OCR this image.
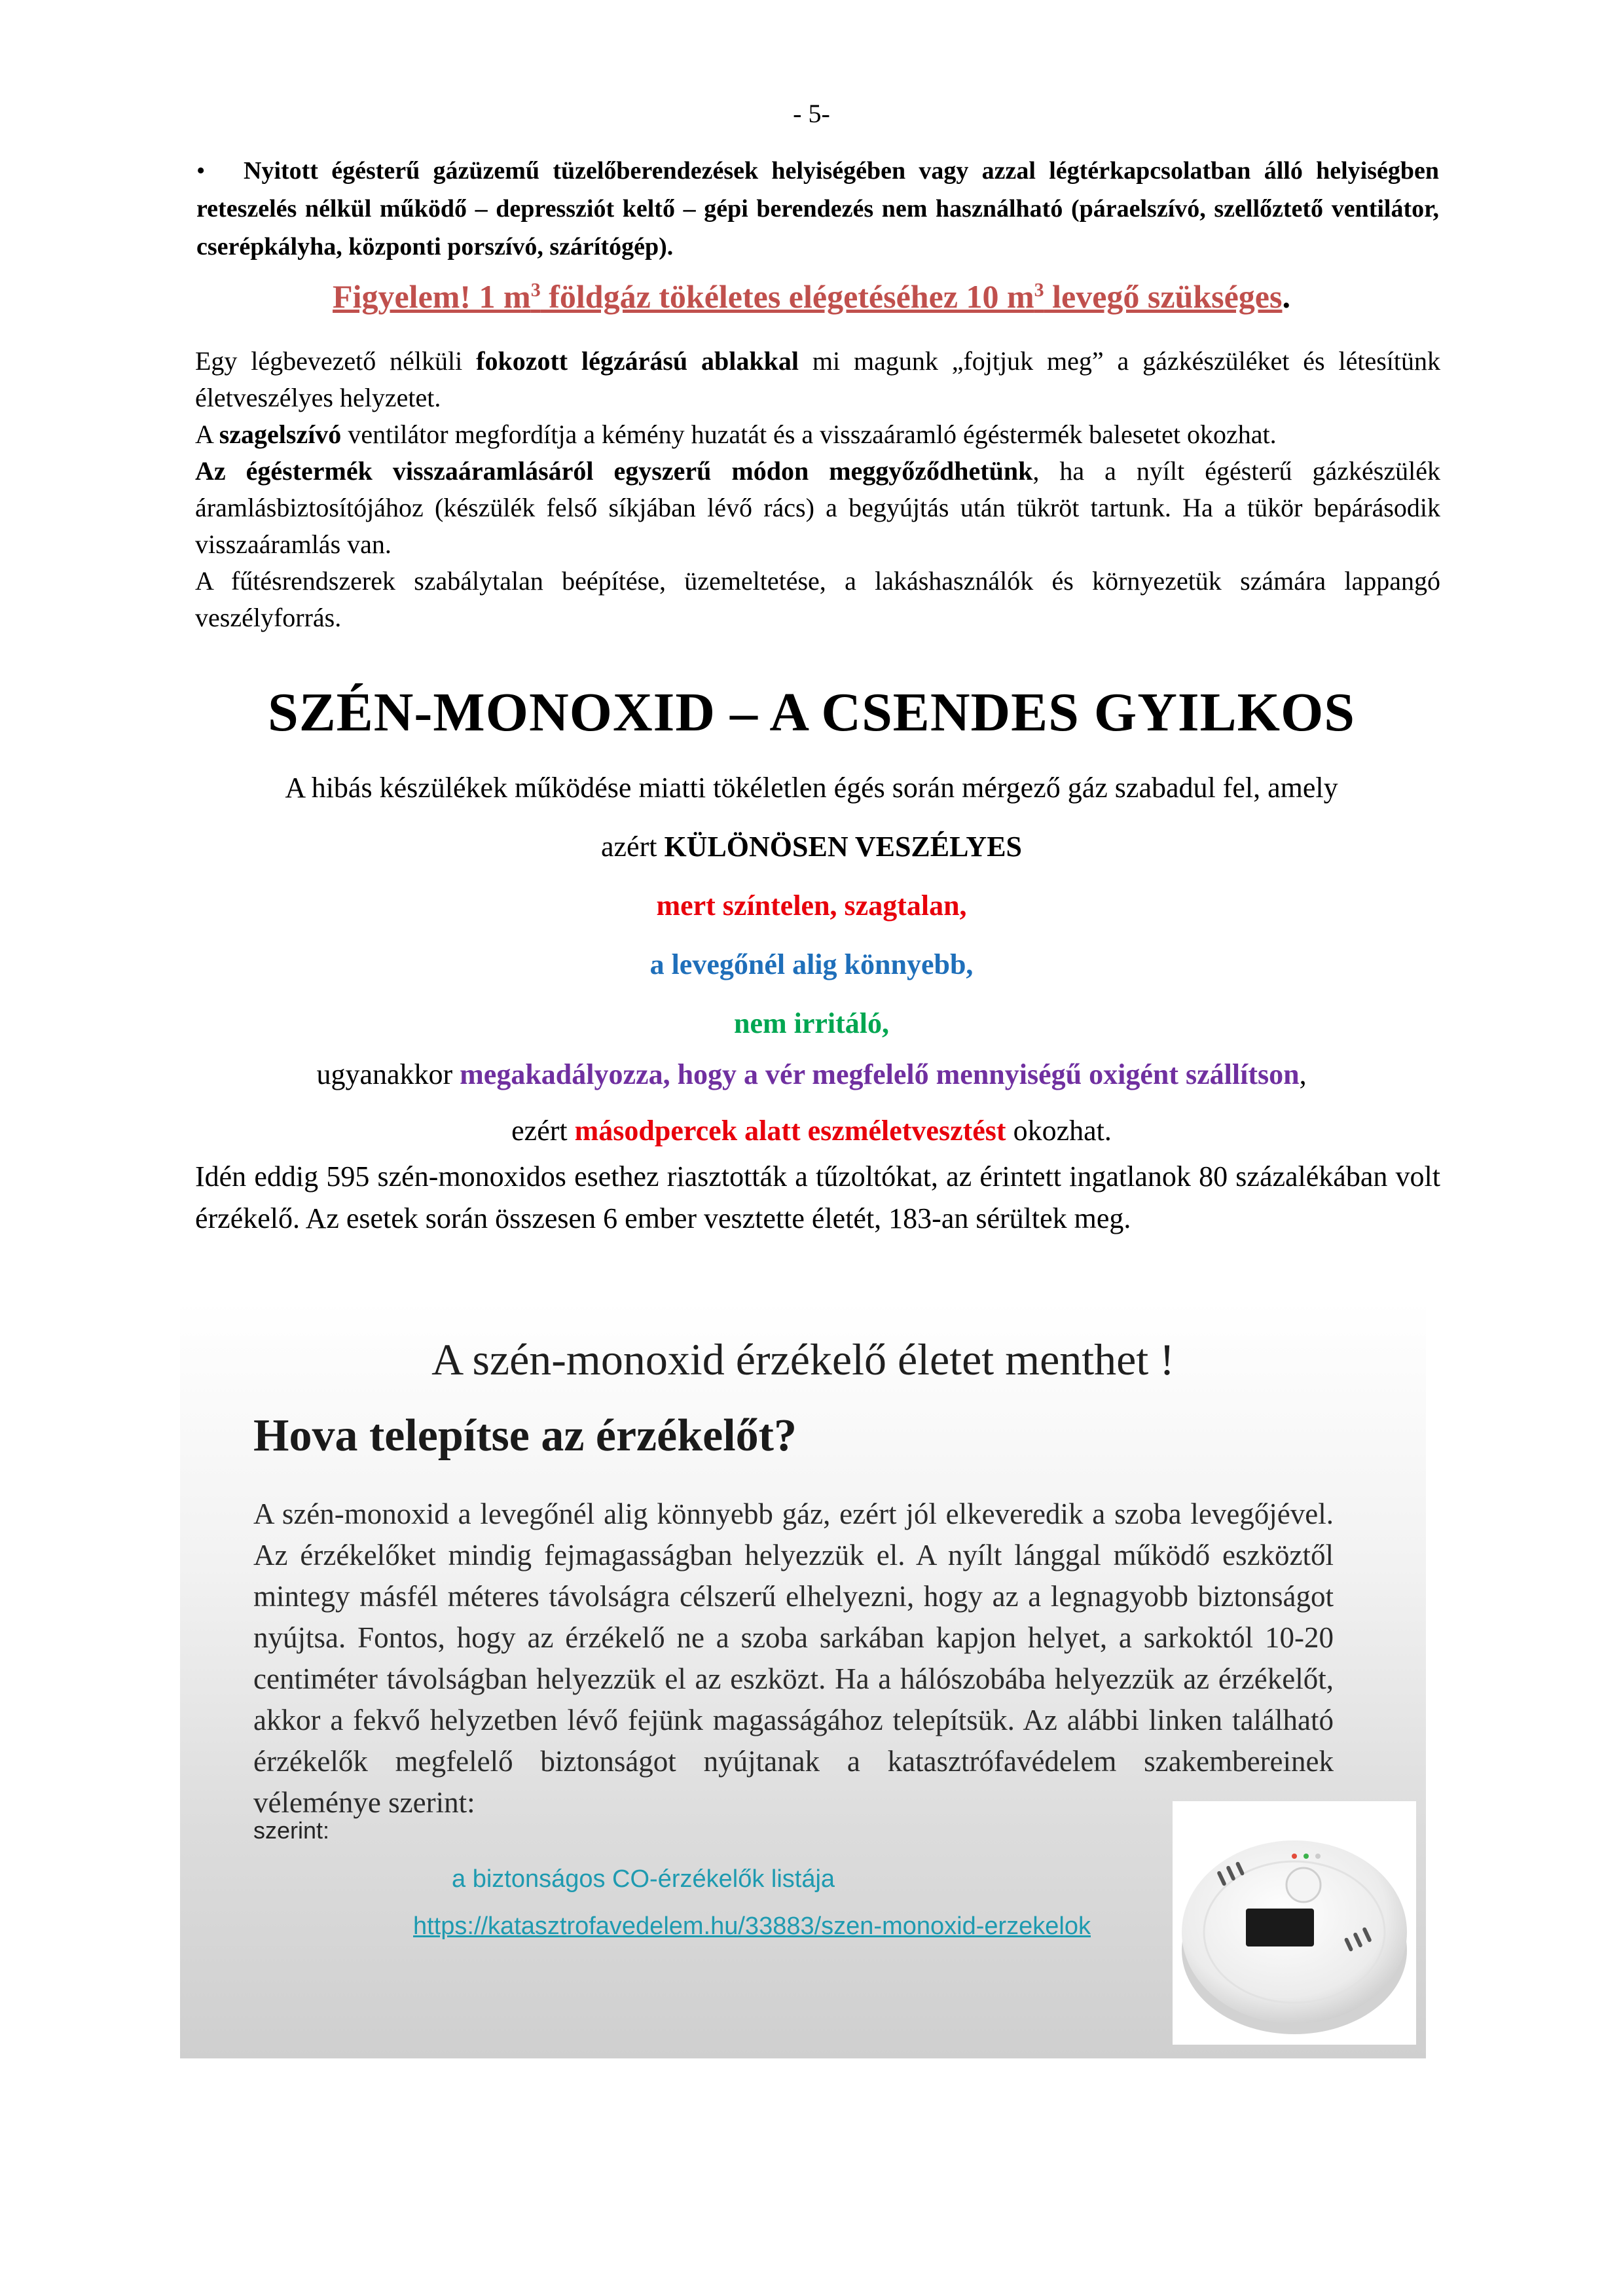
- 5-
•	Nyitott égésterű gázüzemű tüzelőberendezések helyiségében vagy azzal légtérkapcsolatban álló helyiségben reteszelés nélkül működő – depressziót keltő – gépi berendezés nem használható (páraelszívó, szellőztető ventilátor, cserépkályha, központi porszívó, szárítógép).
Figyelem! 1 $m^3$ földgáz tökéletes elégetéséhez 10 $m^3$ levegő szükséges.

Egy légbevezető nélküli fokozott légzárású ablakkal mi magunk „fojtjuk meg” a gázkészüléket és létesítünk életveszélyes helyzetet.

A szagelszívó ventilátor megfordítja a kémény huzatát és a visszaáramló égéstermék balesetet okozhat.

Az égéstermék visszaáramlásáról egyszerű módon meggyőződhetünk, ha a nyílt égésterű gázkészülék áramlásbiztosítójához (készülék felső síkjában lévő rács) a begyújtás után tükröt tartunk. Ha a tükör bepárásodik visszaáramlás van.

A fűtésrendszerek szabálytalan beépítése, üzemeltetése, a lakáshasználók és környezetük számára lappangó veszélyforrás.

SZÉN-MONOXID – A CSENDES GYILKOS
A hibás készülékek működése miatti tökéletlen égés során mérgező gáz szabadul fel, amely
azért KÜLÖNÖSEN VESZÉLYES
mert színtelen, szagtalan,
a levegőnél alig könnyebb,
nem irritáló,
ugyanakkor megakadályozza, hogy a vér megfelelő mennyiségű oxigént szállítson,
ezért másodpercek alatt eszméletvesztést okozhat.
Idén eddig 595 szén-monoxidos esethez riasztották a tűzoltókat, az érintett ingatlanok 80 százalékában volt érzékelő. Az esetek során összesen 6 ember vesztette életét, 183-an sérültek meg.
A szén-monoxid érzékelő életet menthet !
Hova telepítse az érzékelőt?
A szén-monoxid a levegőnél alig könnyebb gáz, ezért jól elkeveredik a szoba levegőjével. Az érzékelőket mindig fejmagasságban helyezzük el. A nyílt lánggal működő eszköztől mintegy másfél méteres távolságra célszerű elhelyezni, hogy az a legnagyobb biztonságot nyújtsa. Fontos, hogy az érzékelő ne a szoba sarkában kapjon helyet, a sarkoktól 10-20 centiméter távolságban helyezzük el az eszközt. Ha a hálószobába helyezzük az érzékelőt, akkor a fekvő helyzetben lévő fejünk magasságához telepítsük. Az alábbi linken található érzékelők megfelelő biztonságot nyújtanak a katasztrófavédelem szakembereinek véleménye szerint:
szerint:
a biztonságos CO-érzékelők listája
https://katasztrofavedelem.hu/33883/szen-monoxid-erzekelok
